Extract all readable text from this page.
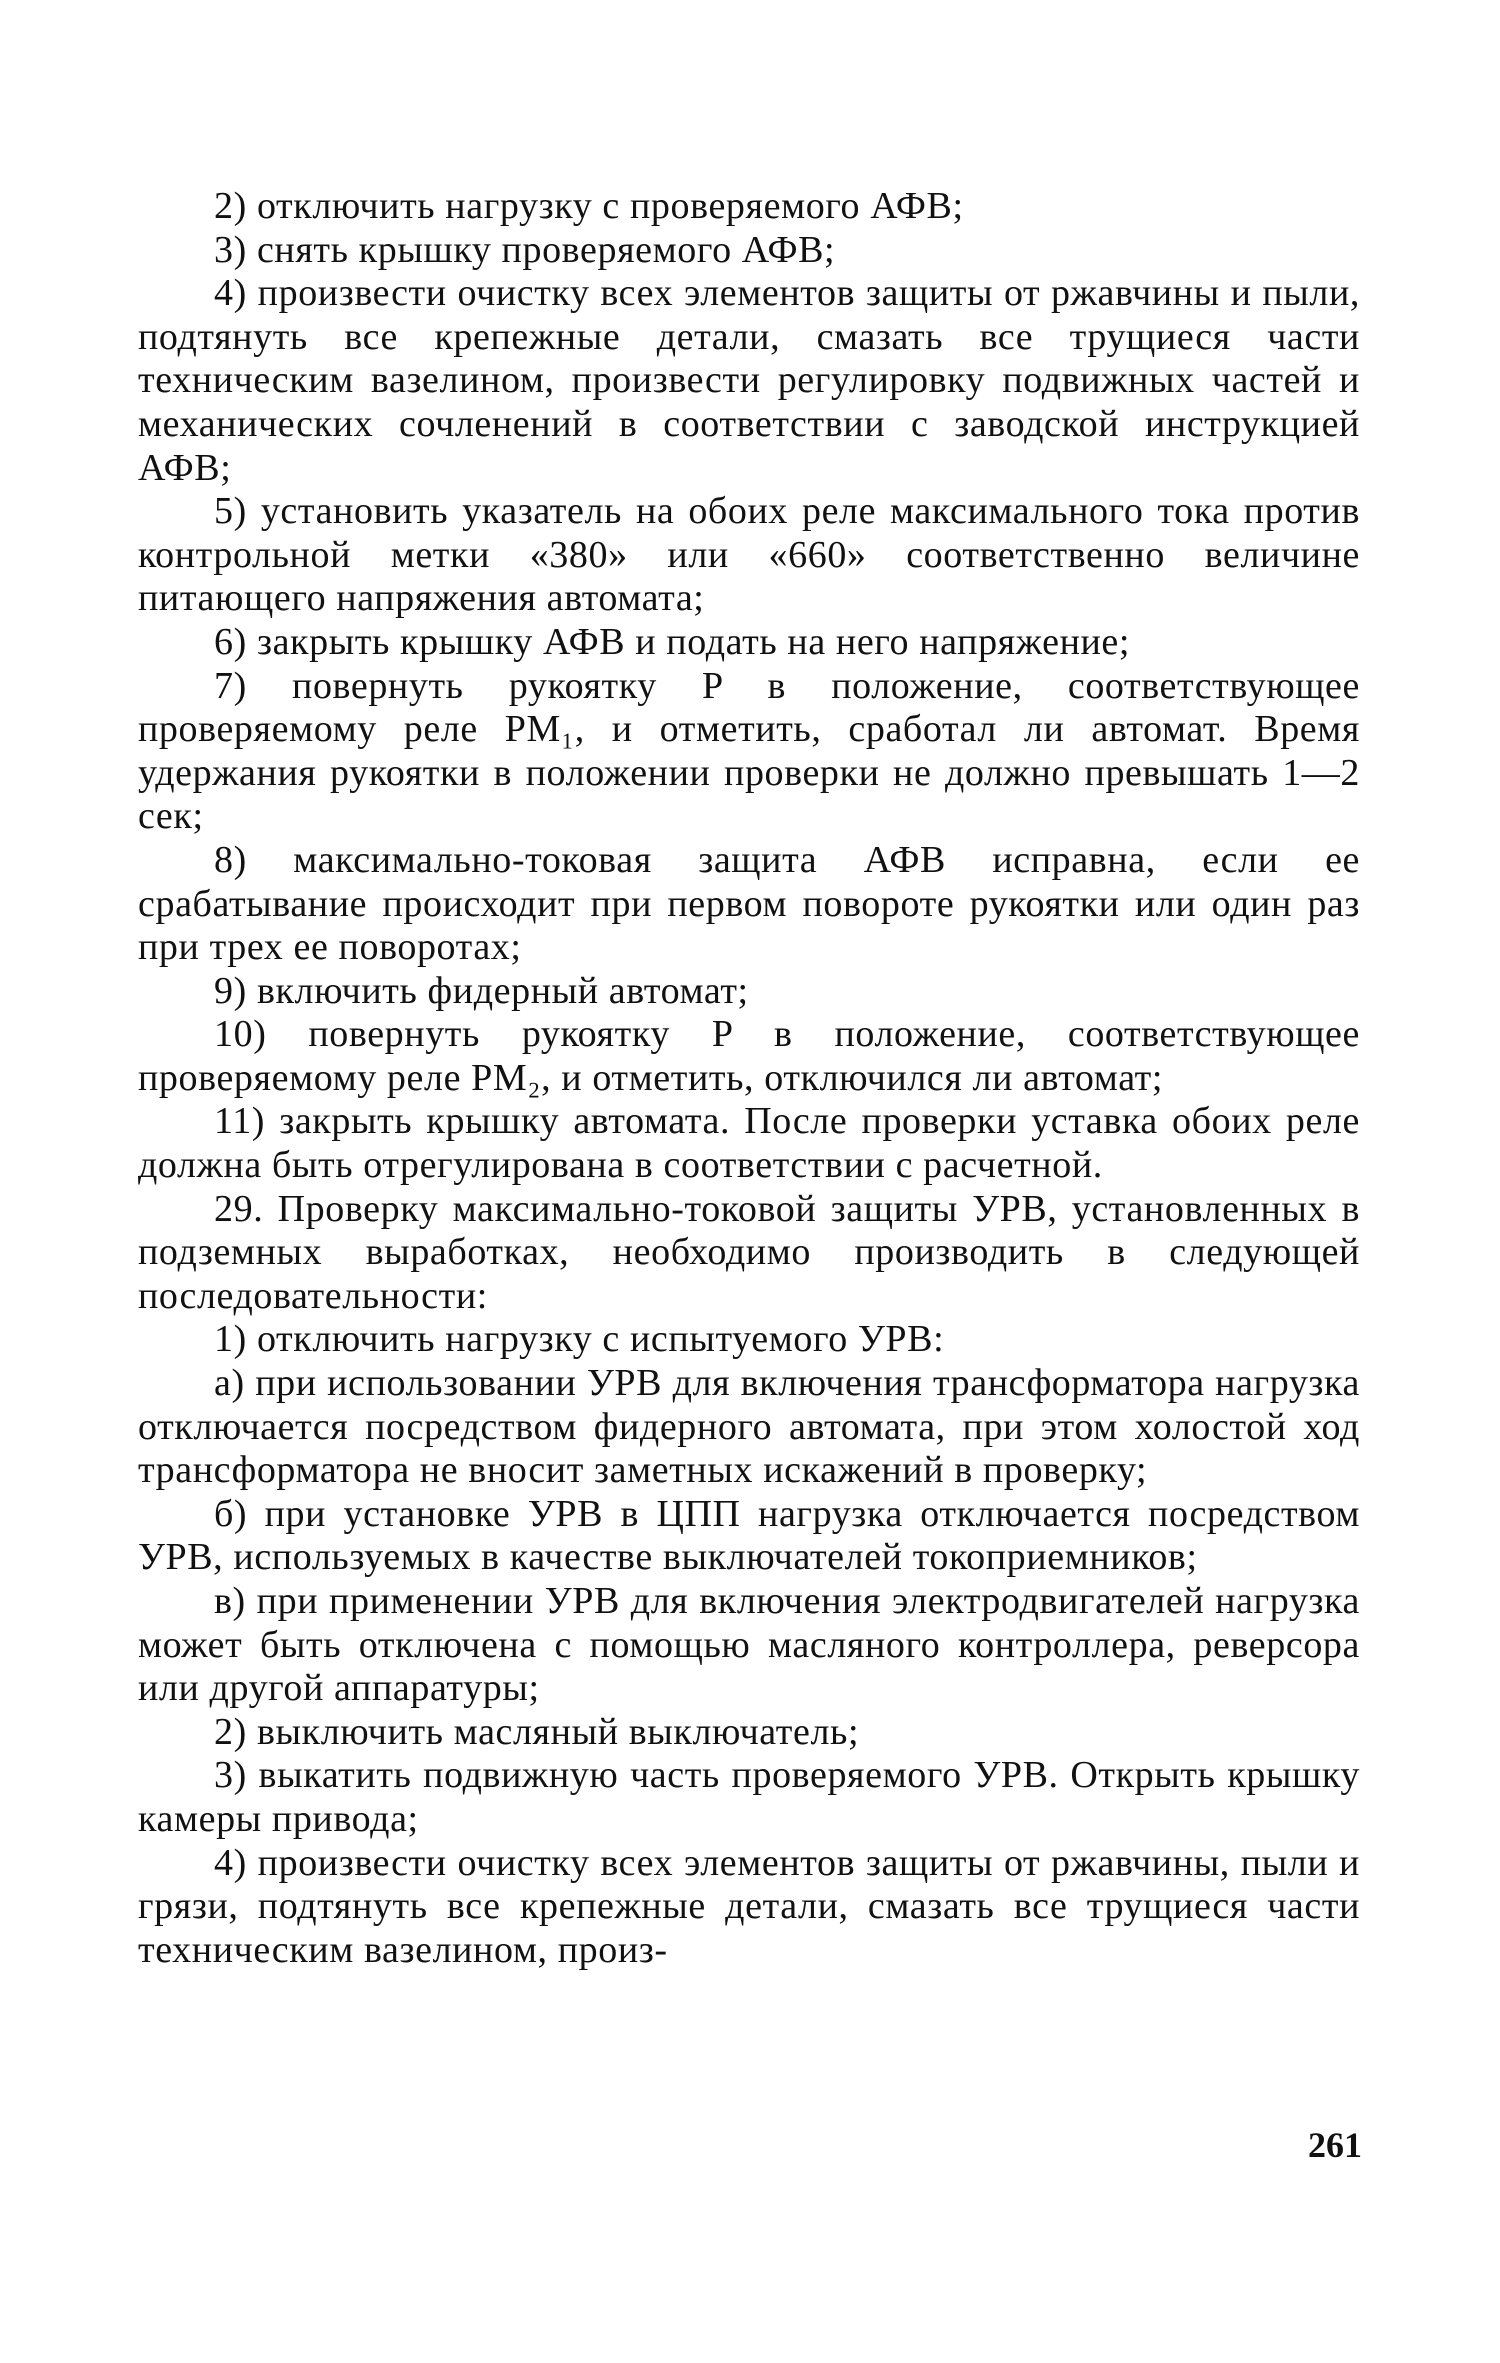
2) отключить нагрузку с проверяемого АФВ;

3) снять крышку проверяемого АФВ;

4) произвести очистку всех элементов защиты от ржавчины и пыли, подтянуть все крепежные детали, смазать все трущиеся части техническим вазелином, произвести регулировку подвижных частей и механических сочленений в соответствии с заводской инструкцией АФВ;

5) установить указатель на обоих реле максимального тока против контрольной метки «380» или «660» соответственно величине питающего напряжения автомата;

6) закрыть крышку АФВ и подать на него напряжение;

7) повернуть рукоятку P в положение, соответствующее проверяемому реле PM₁, и отметить, сработал ли автомат. Время удержания рукоятки в положении проверки не должно превышать 1—2 сек;

8) максимально-токовая защита АФВ исправна, если ее срабатывание происходит при первом повороте рукоятки или один раз при трех ее поворотах;

9) включить фидерный автомат;

10) повернуть рукоятку P в положение, соответствующее проверяемому реле PM₂, и отметить, отключился ли автомат;

11) закрыть крышку автомата. После проверки уставка обоих реле должна быть отрегулирована в соответствии с расчетной.

29. Проверку максимально-токовой защиты УРВ, установленных в подземных выработках, необходимо производить в следующей последовательности:

1) отключить нагрузку с испытуемого УРВ:

а) при использовании УРВ для включения трансформатора нагрузка отключается посредством фидерного автомата, при этом холостой ход трансформатора не вносит заметных искажений в проверку;

б) при установке УРВ в ЦПП нагрузка отключается посредством УРВ, используемых в качестве выключателей токоприемников;

в) при применении УРВ для включения электродвигателей нагрузка может быть отключена с помощью масляного контроллера, реверсора или другой аппаратуры;

2) выключить масляный выключатель;

3) выкатить подвижную часть проверяемого УРВ. Открыть крышку камеры привода;

4) произвести очистку всех элементов защиты от ржавчины, пыли и грязи, подтянуть все крепежные детали, смазать все трущиеся части техническим вазелином, произ-

261
